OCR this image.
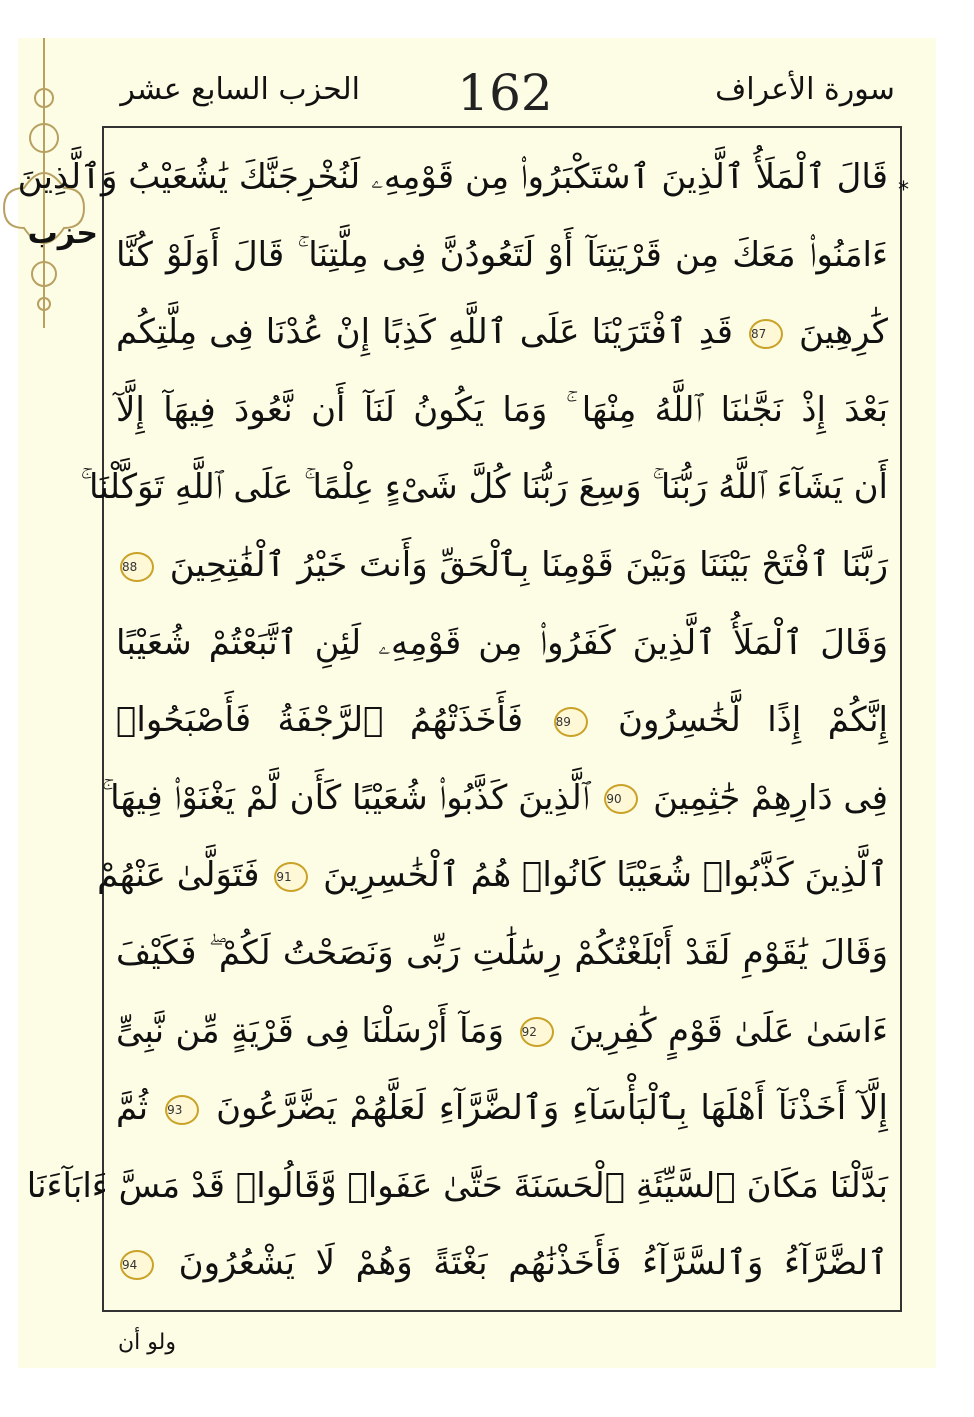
حزب
الحزب السابع عشر	162	سورة الأعراف
*
قَالَ ٱلْمَلَأُ ٱلَّذِينَ ٱسْتَكْبَرُوا۟ مِن قَوْمِهِۦ لَنُخْرِجَنَّكَ يَٰشُعَيْبُ وَٱلَّذِينَ
ءَامَنُوا۟ مَعَكَ مِن قَرْيَتِنَآ أَوْ لَتَعُودُنَّ فِى مِلَّتِنَا ۚ قَالَ أَوَلَوْ كُنَّا
كَٰرِهِينَ 87 قَدِ ٱفْتَرَيْنَا عَلَى ٱللَّهِ كَذِبًا إِنْ عُدْنَا فِى مِلَّتِكُم
بَعْدَ إِذْ نَجَّىٰنَا ٱللَّهُ مِنْهَا ۚ وَمَا يَكُونُ لَنَآ أَن نَّعُودَ فِيهَآ إِلَّآ
أَن يَشَآءَ ٱللَّهُ رَبُّنَا ۚ وَسِعَ رَبُّنَا كُلَّ شَىْءٍ عِلْمًا ۚ عَلَى ٱللَّهِ تَوَكَّلْنَا ۚ
رَبَّنَا ٱفْتَحْ بَيْنَنَا وَبَيْنَ قَوْمِنَا بِٱلْحَقِّ وَأَنتَ خَيْرُ ٱلْفَٰتِحِينَ 88
وَقَالَ ٱلْمَلَأُ ٱلَّذِينَ كَفَرُوا۟ مِن قَوْمِهِۦ لَئِنِ ٱتَّبَعْتُمْ شُعَيْبًا
إِنَّكُمْ إِذًا لَّخَٰسِرُونَ 89 فَأَخَذَتْهُمُ ٱلرَّجْفَةُ فَأَصْبَحُوا۟
فِى دَارِهِمْ جَٰثِمِينَ 90 ٱلَّذِينَ كَذَّبُوا۟ شُعَيْبًا كَأَن لَّمْ يَغْنَوْا۟ فِيهَا ۚ
ٱلَّذِينَ كَذَّبُوا۟ شُعَيْبًا كَانُوا۟ هُمُ ٱلْخَٰسِرِينَ 91 فَتَوَلَّىٰ عَنْهُمْ
وَقَالَ يَٰقَوْمِ لَقَدْ أَبْلَغْتُكُمْ رِسَٰلَٰتِ رَبِّى وَنَصَحْتُ لَكُمْ ۖ فَكَيْفَ
ءَاسَىٰ عَلَىٰ قَوْمٍ كَٰفِرِينَ 92 وَمَآ أَرْسَلْنَا فِى قَرْيَةٍ مِّن نَّبِىٍّ
إِلَّآ أَخَذْنَآ أَهْلَهَا بِٱلْبَأْسَآءِ وَٱلضَّرَّآءِ لَعَلَّهُمْ يَضَّرَّعُونَ 93 ثُمَّ
بَدَّلْنَا مَكَانَ ٱلسَّيِّئَةِ ٱلْحَسَنَةَ حَتَّىٰ عَفَوا۟ وَّقَالُوا۟ قَدْ مَسَّ ءَابَآءَنَا
ٱلضَّرَّآءُ وَٱلسَّرَّآءُ فَأَخَذْنَٰهُم بَغْتَةً وَهُمْ لَا يَشْعُرُونَ 94
ولو أن
